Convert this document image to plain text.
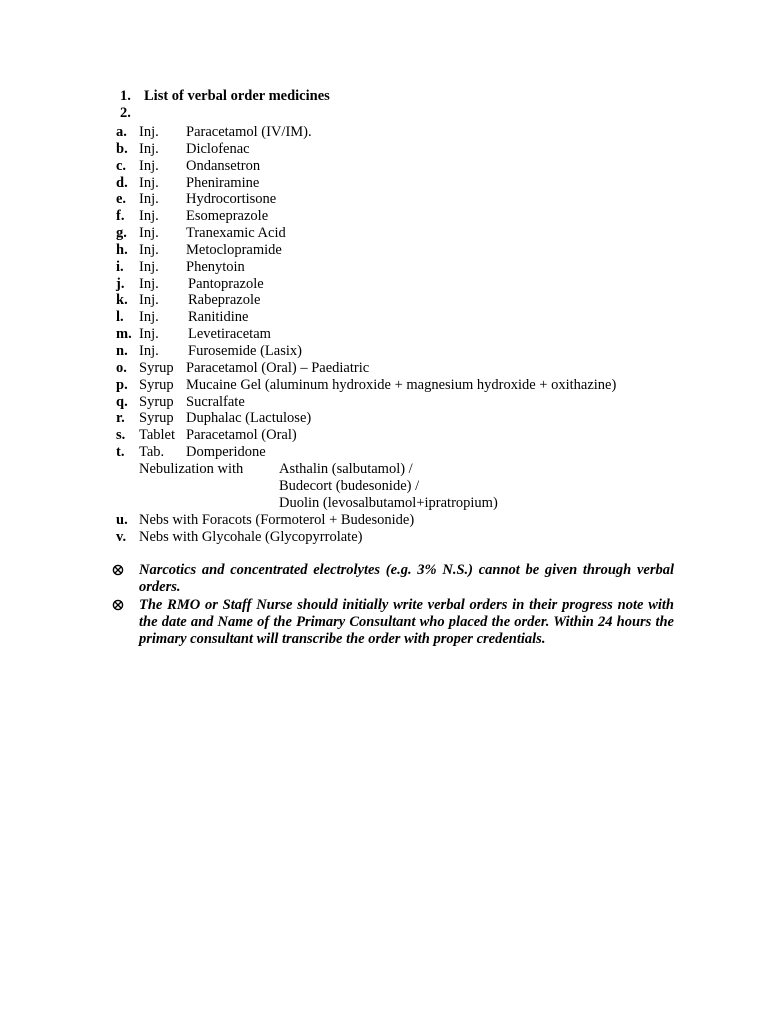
1. List of verbal order medicines
2.
a. Inj. Paracetamol (IV/IM).
b. Inj. Diclofenac
c. Inj. Ondansetron
d. Inj. Pheniramine
e. Inj. Hydrocortisone
f. Inj. Esomeprazole
g. Inj. Tranexamic Acid
h. Inj. Metoclopramide
i. Inj. Phenytoin
j. Inj. Pantoprazole
k. Inj. Rabeprazole
l. Inj. Ranitidine
m. Inj. Levetiracetam
n. Inj. Furosemide (Lasix)
o. Syrup Paracetamol (Oral) – Paediatric
p. Syrup Mucaine Gel (aluminum hydroxide + magnesium hydroxide + oxithazine)
q. Syrup Sucralfate
r. Syrup Duphalac (Lactulose)
s. Tablet Paracetamol (Oral)
t. Tab. Domperidone
Nebulization with Asthalin (salbutamol) /
Budecort (budesonide) /
Duolin (levosalbutamol+ipratropium)
u. Nebs with Foracots (Formoterol + Budesonide)
v. Nebs with Glycohale (Glycopyrrolate)
Narcotics and concentrated electrolytes (e.g. 3% N.S.) cannot be given through verbal orders.
The RMO or Staff Nurse should initially write verbal orders in their progress note with the date and Name of the Primary Consultant who placed the order. Within 24 hours the primary consultant will transcribe the order with proper credentials.
